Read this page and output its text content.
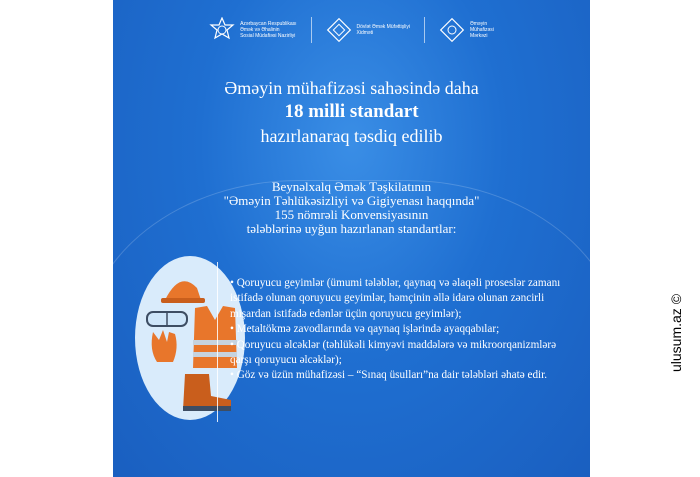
Azərbaycan Respublikası
Əmək və Əhalinin
Sosial Müdafiəsi Nazirliyi
Dövlət Əmək Müfəttişliyi
Xidməti
Əməyin
Mühafizəsi
Mərkəzi
Əməyin mühafizəsi sahəsində daha
18 milli standart
hazırlanaraq təsdiq edilib
Beynəlxalq Əmək Təşkilatının
"Əməyin Təhlükəsizliyi və Gigiyenası haqqında"
155 nömrəli Konvensiyasının
tələblərinə uyğun hazırlanan standartlar:

• Qoruyucu geyimlər (ümumi tələblər, qaynaq və əlaqəli proseslər zamanı istifadə olunan qoruyucu geyimlər, həmçinin əllə idarə olunan zəncirli mişardan istifadə edənlər üçün qoruyucu geyimlər);

• Metaltökmə zavodlarında və qaynaq işlərində ayaqqabılar;

• Qoruyucu əlcəklər (təhlükəli kimyəvi maddələrə və mikroorqanizmlərə qarşı qoruyucu əlcəklər);

• Göz və üzün mühafizəsi – “Sınaq üsulları”na dair tələbləri əhatə edir.

ulusum.az ©
